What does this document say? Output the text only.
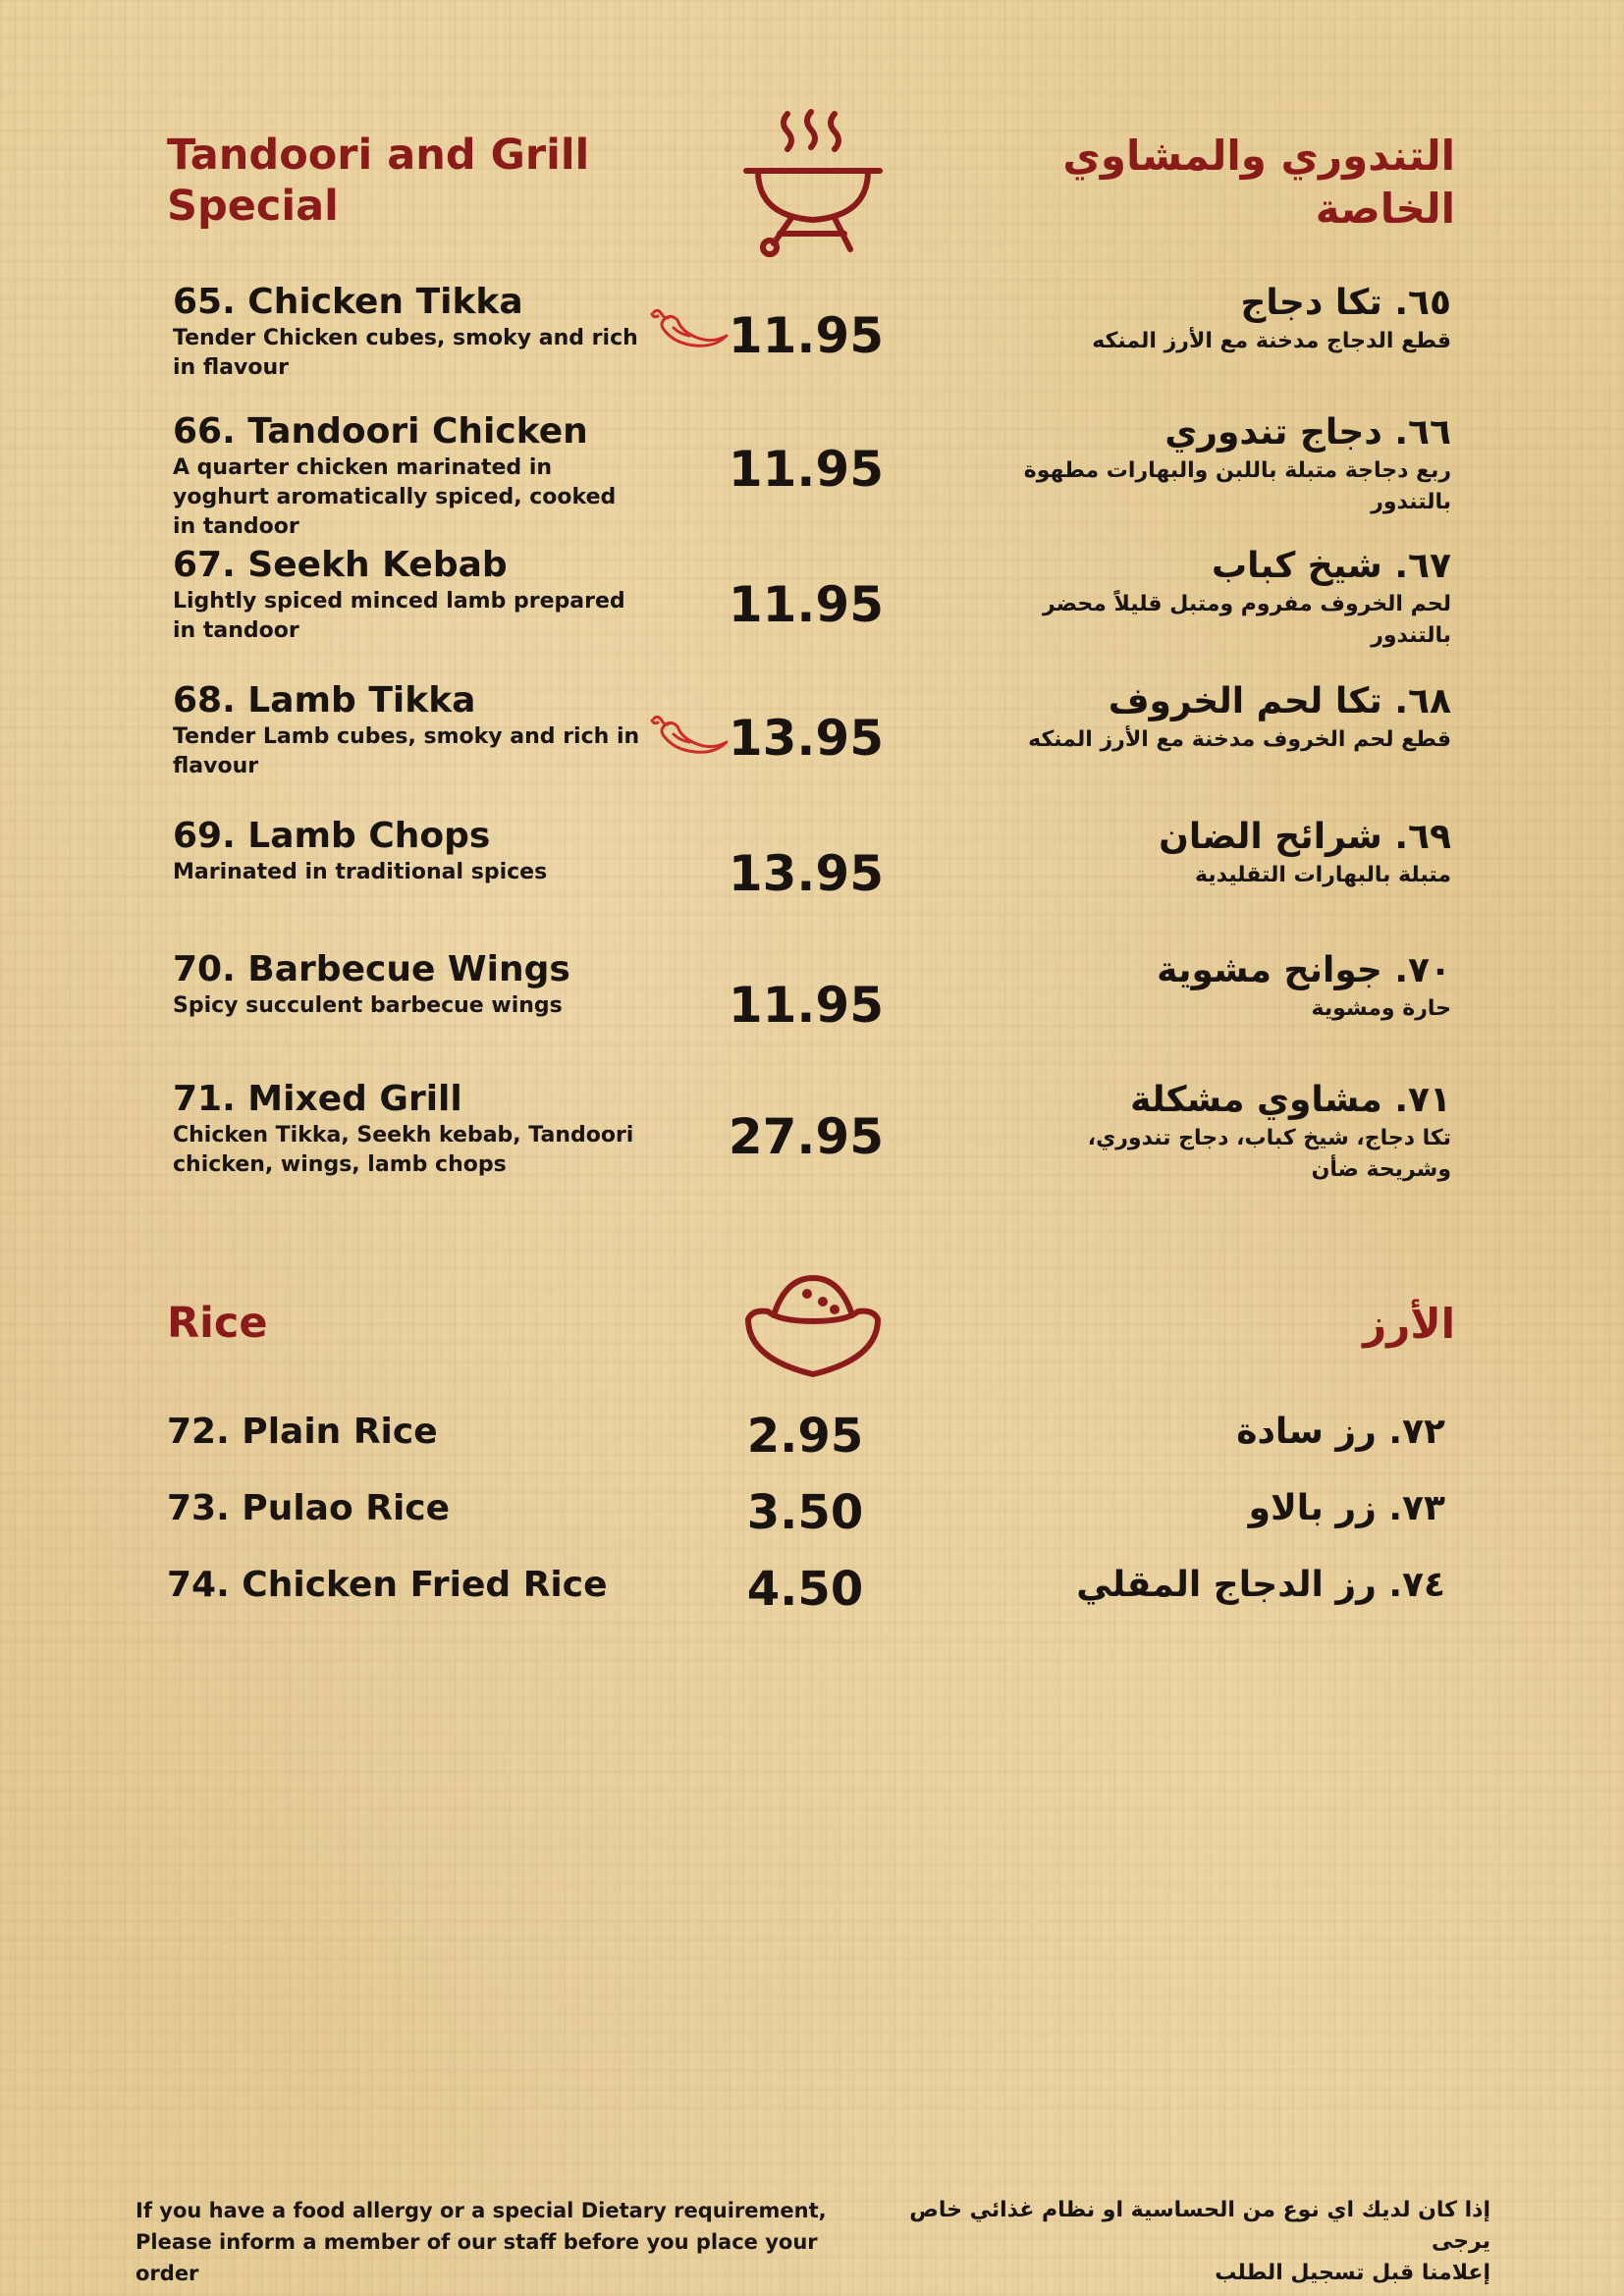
Tandoori and Grill Special
التندوري والمشاوي الخاصة
65. Chicken Tikka
Tender Chicken cubes, smoky and rich in flavour
11.95
٦٥. تكا دجاج
قطع الدجاج مدخنة مع الأرز المنكه
66. Tandoori Chicken
A quarter chicken marinated in yoghurt aromatically spiced, cooked in tandoor
11.95
٦٦. دجاج تندوري
ربع دجاجة متبلة باللبن والبهارات مطهوة بالتندور
67. Seekh Kebab
Lightly spiced minced lamb prepared in tandoor	11.95
٦٧. شيخ كباب
لحم الخروف مفروم ومتبل قليلاً محضر بالتندور
68. Lamb Tikka
Tender Lamb cubes, smoky and rich in flavour	13.95
٦٨. تكا لحم الخروف
قطع لحم الخروف مدخنة مع الأرز المنكه
69. Lamb Chops
Marinated in traditional spices	13.95
٦٩. شرائح الضان
متبلة بالبهارات التقليدية
70. Barbecue Wings
Spicy succulent barbecue wings	11.95
٧٠. جوانح مشوية
حارة ومشوية
71. Mixed Grill
Chicken Tikka, Seekh kebab, Tandoori chicken, wings, lamb chops	27.95
٧١. مشاوي مشكلة
تكا دجاج، شيخ كباب، دجاج تندوري، وشريحة ضأن
Rice	الأرز
72. Plain Rice	2.95	٧٢. رز سادة
73. Pulao Rice	3.50	٧٣. زر بالاو
74. Chicken Fried Rice	4.50	٧٤. رز الدجاج المقلي
If you have a food allergy or a special Dietary requirement,
Please inform a member of our staff before you place your order
إذا كان لديك اي نوع من الحساسية او نظام غذائي خاص يرجى
إعلامنا قبل تسجيل الطلب
